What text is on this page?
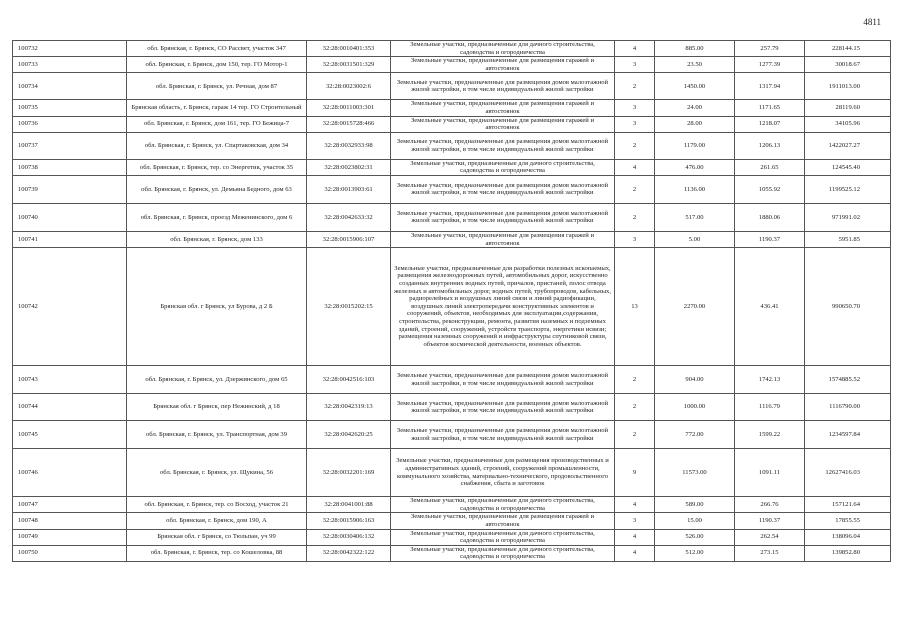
4811
100732	обл. Брянская, г. Брянск, СО Рассвет, участок 347	32:28:0010401:353	Земельные участки, предназначенные для дачного строительства, садоводства и огородничества	4	885.00	257.79	228144.15
100733	обл. Брянская, г. Брянск, дом 150, тер. ГО Мотор-1	32:28:0031501:329	Земельные участки, предназначенные для размещения гаражей и автостоянок	3	23.50	1277.39	30018.67
100734	обл. Брянская, г. Брянск, ул. Речная, дом 87	32:28:0023002:6	Земельные участки, предназначенные для размещения домов малоэтажной жилой застройки, в том числе индивидуальной жилой застройки	2	1450.00	1317.94	1911013.00
100735	Брянская область, г. Брянск, гараж 14 тер. ГО Строительный	32:28:0011003:301	Земельные участки, предназначенные для размещения гаражей и автостоянок	3	24.00	1171.65	28119.60
100736	обл. Брянская, г. Брянск, дом 161, тер. ГО Бежица-7	32:28:0015728:466	Земельные участки, предназначенные для размещения гаражей и автостоянок	3	28.00	1218.07	34105.96
100737	обл. Брянская, г. Брянск, ул. Спартаковская, дом 34	32:28:0032933:98	Земельные участки, предназначенные для размещения домов малоэтажной жилой застройки, в том числе индивидуальной жилой застройки	2	1179.00	1206.13	1422027.27
100738	обл. Брянская, г. Брянск, тер. со Энергетик, участок 35	32:28:0023802:31	Земельные участки, предназначенные для дачного строительства, садоводства и огородничества	4	476.00	261.65	124545.40
100739	обл. Брянская, г. Брянск, ул. Демьяна Бедного, дом 63	32:28:0013903:61	Земельные участки, предназначенные для размещения домов малоэтажной жилой застройки, в том числе индивидуальной жилой застройки	2	1136.00	1055.92	1199525.12
100740	обл. Брянская, г. Брянск, проезд Меженинского, дом 6	32:28:0042633:32	Земельные участки, предназначенные для размещения домов малоэтажной жилой застройки, в том числе индивидуальной жилой застройки	2	517.00	1880.06	971991.02
100741	обл. Брянская, г. Брянск, дом 133	32:28:0015906:107	Земельные участки, предназначенные для размещения гаражей и автостоянок	3	5.00	1190.37	5951.85
100742	Брянская обл. г Брянск, ул Бурова, д 2 Б	32:28:0015202:15	Земельные участки, предназначенные для разработки полезных ископаемых, размещения железнодорожных путей, автомобильных дорог, искусственно созданных внутренних водных путей, причалов, пристаней, полос отвода железных и автомобильных дорог, водных путей, трубопроводов, кабельных, радиорелейных и воздушных линий связи и линий радиофикации, воздушных линий электропередачи конструктивных элементов и сооружений, объектов, необходимых для эксплуатации,содержания, строительства, реконструкции, ремонта, развития наземных и подземных зданий, строений, сооружений, устройств транспорта, энергетики исвязи; размещения наземных сооружений и инфраструктуры спутниковой связи, объектов космической деятельности, военных объектов.	13	2270.00	436.41	990650.70
100743	обл. Брянская, г. Брянск, ул. Дзержинского, дом 65	32:28:0042516:103	Земельные участки, предназначенные для размещения домов малоэтажной жилой застройки, в том числе индивидуальной жилой застройки	2	904.00	1742.13	1574885.52
100744	Брянская обл. г Брянск, пер Нежинский, д 18	32:28:0042319:13	Земельные участки, предназначенные для размещения домов малоэтажной жилой застройки, в том числе индивидуальной жилой застройки	2	1000.00	1116.79	1116790.00
100745	обл. Брянская, г. Брянск, ул. Транспортная, дом 39	32:28:0042620:25	Земельные участки, предназначенные для размещения домов малоэтажной жилой застройки, в том числе индивидуальной жилой застройки	2	772.00	1599.22	1234597.84
100746	обл. Брянская, г. Брянск, ул. Щукина, 56	32:28:0032201:169	Земельные участки, предназначенные для размещения производственных и административных зданий, строений, сооружений промышленности, коммунального хозяйства, материально-технического, продовольственного снабжения, сбыта и заготовок	9	11573.00	1091.11	12627416.03
100747	обл. Брянская, г. Брянск, тер. со Восход, участок 21	32:28:0041001:88	Земельные участки, предназначенные для дачного строительства, садоводства и огородничества	4	589.00	266.76	157121.64
100748	обл. Брянская, г. Брянск, дом 190, А	32:28:0015906:163	Земельные участки, предназначенные для размещения гаражей и автостоянок	3	15.00	1190.37	17855.55
100749	Брянская обл. г Брянск, со Тюльпан, уч 99	32:28:0030406:132	Земельные участки, предназначенные для дачного строительства, садоводства и огородничества	4	526.00	262.54	138096.04
100750	обл. Брянская, г. Брянск, тер. со Кошеловка, 88	32:28:0042322:122	Земельные участки, предназначенные для дачного строительства, садоводства и огородничества	4	512.00	273.15	139852.80
